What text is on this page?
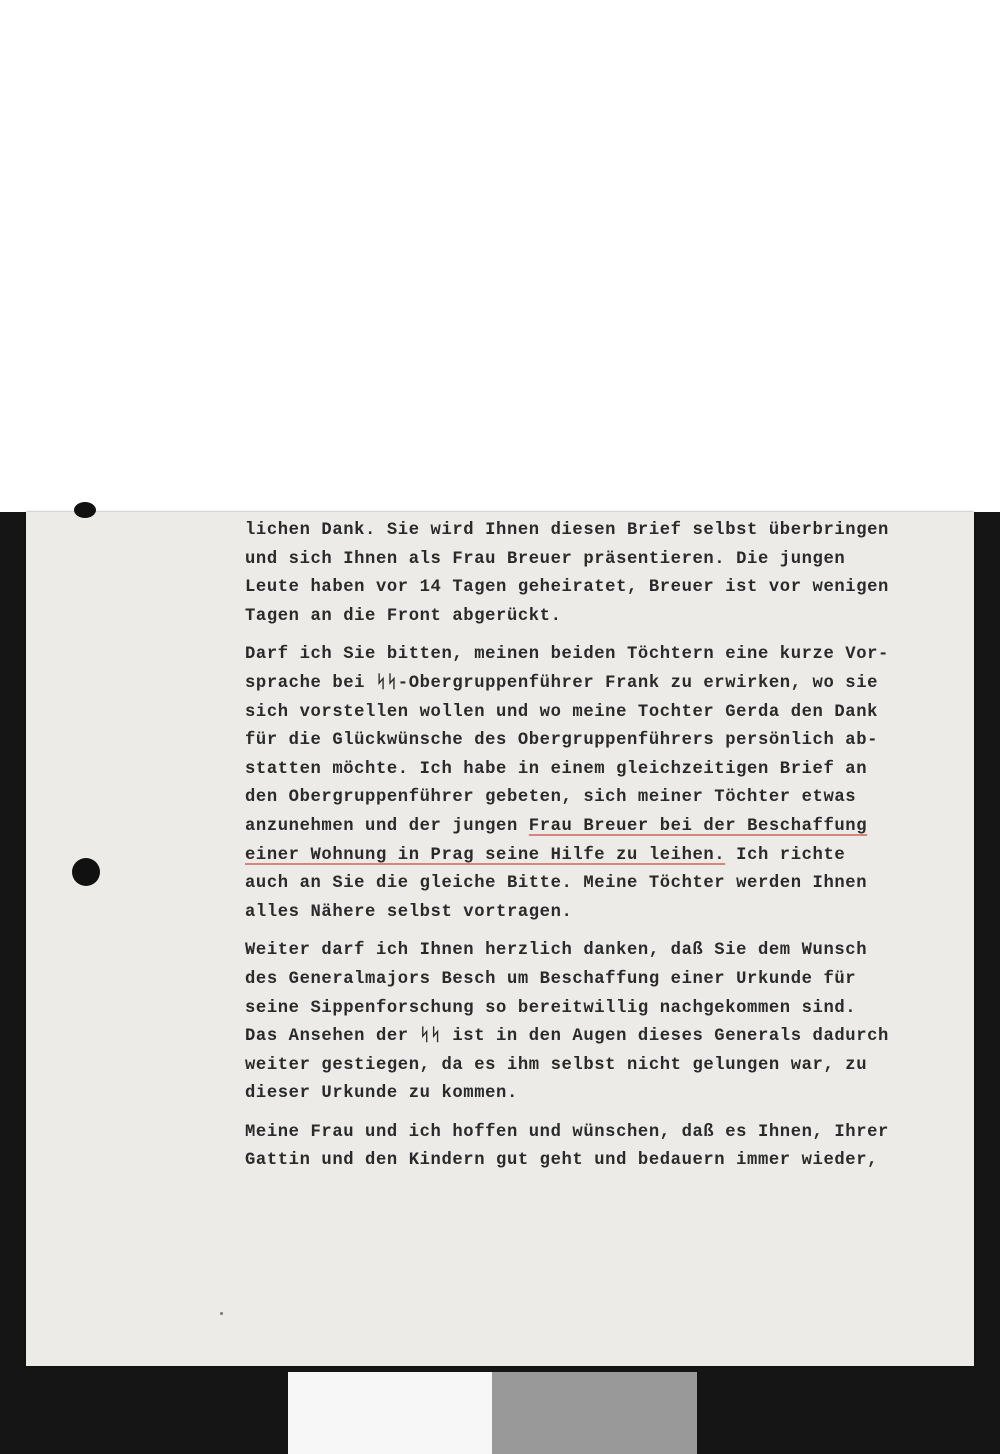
lichen Dank. Sie wird Ihnen diesen Brief selbst überbringen
und sich Ihnen als Frau Breuer präsentieren. Die jungen
Leute haben vor 14 Tagen geheiratet, Breuer ist vor wenigen
Tagen an die Front abgerückt.
Darf ich Sie bitten, meinen beiden Töchtern eine kurze Vor-
sprache bei ᛋᛋ-Obergruppenführer Frank zu erwirken, wo sie
sich vorstellen wollen und wo meine Tochter Gerda den Dank
für die Glückwünsche des Obergruppenführers persönlich ab-
statten möchte. Ich habe in einem gleichzeitigen Brief an
den Obergruppenführer gebeten, sich meiner Töchter etwas
anzunehmen und der jungen Frau Breuer bei der Beschaffung
einer Wohnung in Prag seine Hilfe zu leihen. Ich richte
auch an Sie die gleiche Bitte. Meine Töchter werden Ihnen
alles Nähere selbst vortragen.
Weiter darf ich Ihnen herzlich danken, daß Sie dem Wunsch
des Generalmajors Besch um Beschaffung einer Urkunde für
seine Sippenforschung so bereitwillig nachgekommen sind.
Das Ansehen der ᛋᛋ ist in den Augen dieses Generals dadurch
weiter gestiegen, da es ihm selbst nicht gelungen war, zu
dieser Urkunde zu kommen.
Meine Frau und ich hoffen und wünschen, daß es Ihnen, Ihrer
Gattin und den Kindern gut geht und bedauern immer wieder,
